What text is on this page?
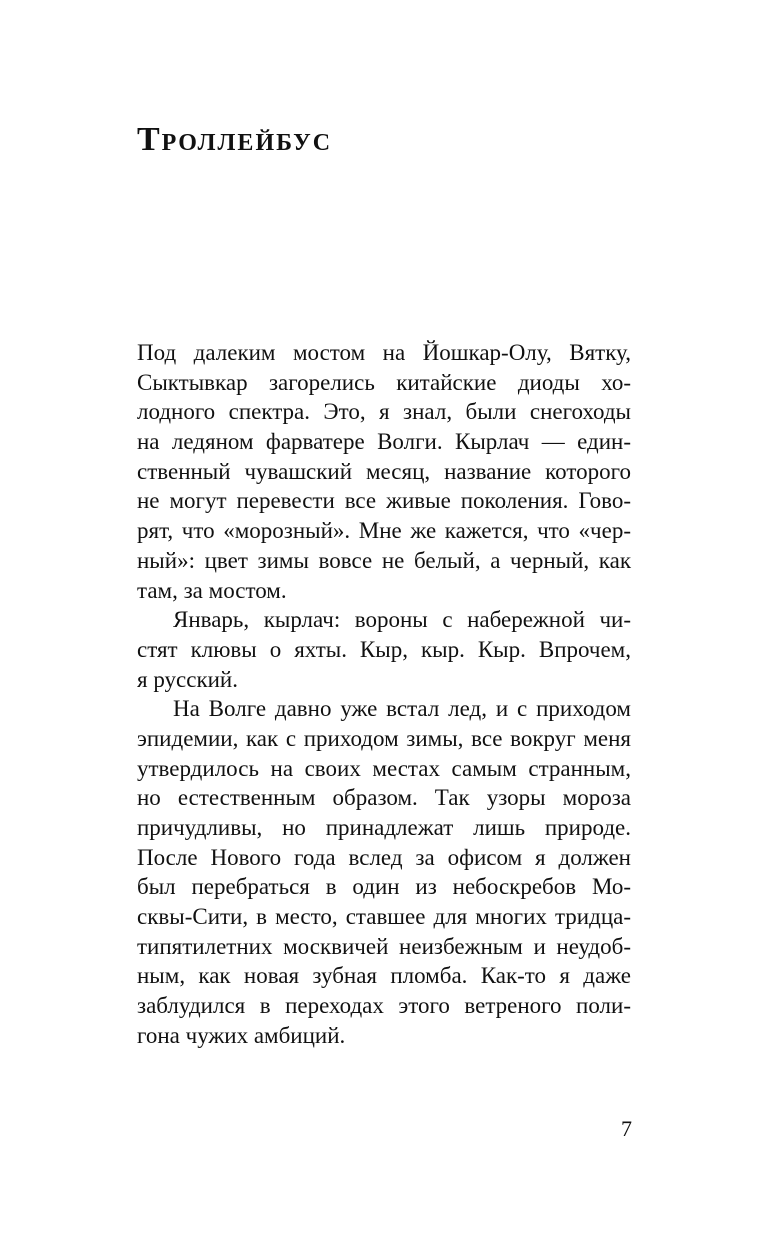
Троллейбус
Под далеким мостом на Йошкар-Олу, Вятку,
Сыктывкар загорелись китайские диоды хо-
лодного спектра. Это, я знал, были снегоходы
на ледяном фарватере Волги. Кырлач — един-
ственный чувашский месяц, название которого
не могут перевести все живые поколения. Гово-
рят, что «морозный». Мне же кажется, что «чер-
ный»: цвет зимы вовсе не белый, а черный, как
там, за мостом.
Январь, кырлач: вороны с набережной чи-
стят клювы о яхты. Кыр, кыр. Кыр. Впрочем,
я русский.
На Волге давно уже встал лед, и с приходом
эпидемии, как с приходом зимы, все вокруг меня
утвердилось на своих местах самым странным,
но естественным образом. Так узоры мороза
причудливы, но принадлежат лишь природе.
После Нового года вслед за офисом я должен
был перебраться в один из небоскребов Мо-
сквы-Сити, в место, ставшее для многих тридца-
типятилетних москвичей неизбежным и неудоб-
ным, как новая зубная пломба. Как-то я даже
заблудился в переходах этого ветреного поли-
гона чужих амбиций.
7
